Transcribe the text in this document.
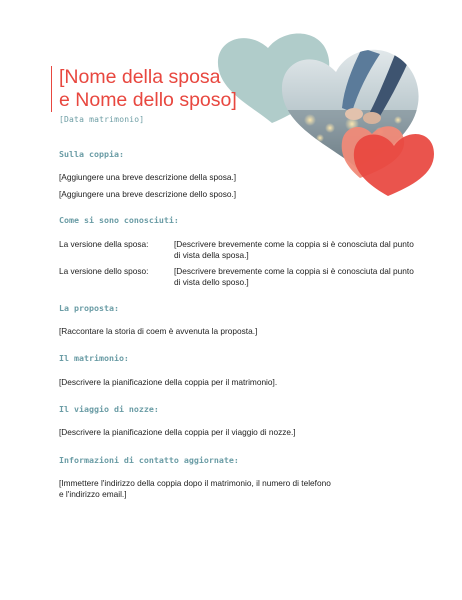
[Nome della sposa
e Nome dello sposo]
[Data matrimonio]
Sulla coppia:
[Aggiungere una breve descrizione della sposa.]
[Aggiungere una breve descrizione dello sposo.]
Come si sono conosciuti:
La versione della sposa:	[Descrivere brevemente come la coppia si è conosciuta dal punto di vista della sposa.]
La versione dello sposo:	[Descrivere brevemente come la coppia si è conosciuta dal punto di vista dello sposo.]
La proposta:
[Raccontare la storia di coem è avvenuta la proposta.]
Il matrimonio:
[Descrivere la pianificazione della coppia per il matrimonio].
Il viaggio di nozze:
[Descrivere la pianificazione della coppia per il viaggio di nozze.]
Informazioni di contatto aggiornate:
[Immettere l'indirizzo della coppia dopo il matrimonio, il numero di telefono
e l'indirizzo email.]
